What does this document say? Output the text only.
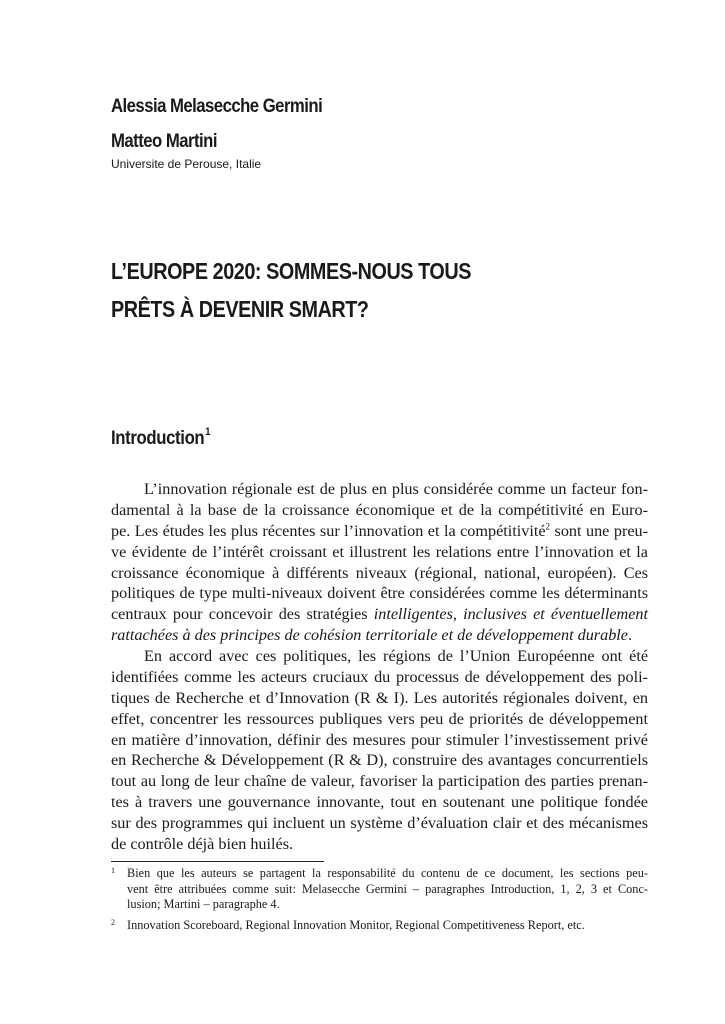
Alessia Melasecche Germini
Matteo Martini
Universite de Perouse, Italie
L’EUROPE 2020: SOMMES-NOUS TOUS
PRÊTS À DEVENIR SMART?
Introduction$^1$
L’innovation régionale est de plus en plus considérée comme un facteur fon-
damental à la base de la croissance économique et de la compétitivité en Euro-
pe. Les études les plus récentes sur l’innovation et la compétitivité$^2$ sont une preu-
ve évidente de l’intérêt croissant et illustrent les relations entre l’innovation et la
croissance économique à différents niveaux (régional, national, européen). Ces
politiques de type multi-niveaux doivent être considérées comme les déterminants
centraux pour concevoir des stratégies intelligentes, inclusives et éventuellement
rattachées à des principes de cohésion territoriale et de développement durable.
En accord avec ces politiques, les régions de l’Union Européenne ont été
identifiées comme les acteurs cruciaux du processus de développement des poli-
tiques de Recherche et d’Innovation (R & I). Les autorités régionales doivent, en
effet, concentrer les ressources publiques vers peu de priorités de développement
en matière d’innovation, définir des mesures pour stimuler l’investissement privé
en Recherche & Développement (R & D), construire des avantages concurrentiels
tout au long de leur chaîne de valeur, favoriser la participation des parties prenan-
tes à travers une gouvernance innovante, tout en soutenant une politique fondée
sur des programmes qui incluent un système d’évaluation clair et des mécanismes
de contrôle déjà bien huilés.
1 Bien que les auteurs se partagent la responsabilité du contenu de ce document, les sections peu-
vent être attribuées comme suit: Melasecche Germini – paragraphes Introduction, 1, 2, 3 et Conc-
lusion; Martini – paragraphe 4.
2 Innovation Scoreboard, Regional Innovation Monitor, Regional Competitiveness Report, etc.
